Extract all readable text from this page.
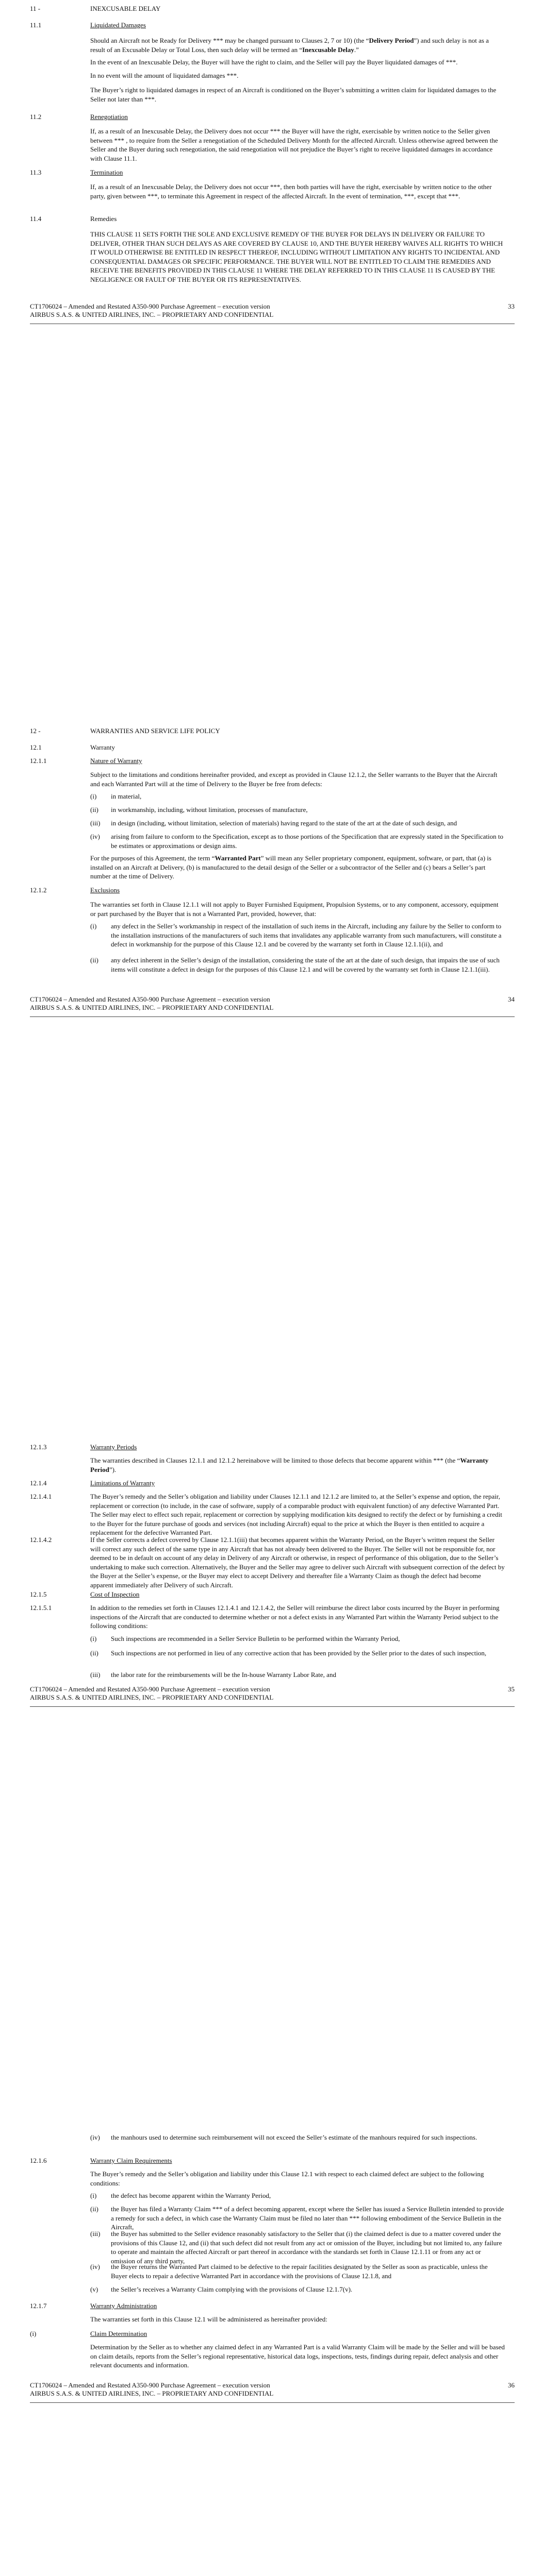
11 -	INEXCUSABLE DELAY
11.1	Liquidated Damages
Should an Aircraft not be Ready for Delivery *** may be changed pursuant to Clauses 2, 7 or 10) (the “Delivery Period”) and such delay is not as a result of an Excusable Delay or Total Loss, then such delay will be termed an “Inexcusable Delay.”

In the event of an Inexcusable Delay, the Buyer will have the right to claim, and the Seller will pay the Buyer liquidated damages of ***.

In no event will the amount of liquidated damages ***.

The Buyer’s right to liquidated damages in respect of an Aircraft is conditioned on the Buyer’s submitting a written claim for liquidated damages to the Seller not later than ***.

11.2	Renegotiation

If, as a result of an Inexcusable Delay, the Delivery does not occur *** the Buyer will have the right, exercisable by written notice to the Seller given between *** , to require from the Seller a renegotiation of the Scheduled Delivery Month for the affected Aircraft. Unless otherwise agreed between the Seller and the Buyer during such renegotiation, the said renegotiation will not prejudice the Buyer’s right to receive liquidated damages in accordance with Clause 11.1.

11.3	Termination

If, as a result of an Inexcusable Delay, the Delivery does not occur ***, then both parties will have the right, exercisable by written notice to the other party, given between ***, to terminate this Agreement in respect of the affected Aircraft. In the event of termination, ***, except that ***.

11.4	Remedies

THIS CLAUSE 11 SETS FORTH THE SOLE AND EXCLUSIVE REMEDY OF THE BUYER FOR DELAYS IN DELIVERY OR FAILURE TO DELIVER, OTHER THAN SUCH DELAYS AS ARE COVERED BY CLAUSE 10, AND THE BUYER HEREBY WAIVES ALL RIGHTS TO WHICH IT WOULD OTHERWISE BE ENTITLED IN RESPECT THEREOF, INCLUDING WITHOUT LIMITATION ANY RIGHTS TO INCIDENTAL AND CONSEQUENTIAL DAMAGES OR SPECIFIC PERFORMANCE. THE BUYER WILL NOT BE ENTITLED TO CLAIM THE REMEDIES AND RECEIVE THE BENEFITS PROVIDED IN THIS CLAUSE 11 WHERE THE DELAY REFERRED TO IN THIS CLAUSE 11 IS CAUSED BY THE NEGLIGENCE OR FAULT OF THE BUYER OR ITS REPRESENTATIVES.

CT1706024 – Amended and Restated A350-900 Purchase Agreement – execution version
AIRBUS S.A.S. & UNITED AIRLINES, INC. – PROPRIETARY AND CONFIDENTIAL
33
12 -	WARRANTIES AND SERVICE LIFE POLICY
12.1	Warranty
12.1.1	Nature of Warranty

Subject to the limitations and conditions hereinafter provided, and except as provided in Clause 12.1.2, the Seller warrants to the Buyer that the Aircraft and each Warranted Part will at the time of Delivery to the Buyer be free from defects:

(i) in material,
(ii) in workmanship, including, without limitation, processes of manufacture,
(iii) in design (including, without limitation, selection of materials) having regard to the state of the art at the date of such design, and
(iv) arising from failure to conform to the Specification, except as to those portions of the Specification that are expressly stated in the Specification to be estimates or approximations or design aims.
For the purposes of this Agreement, the term “Warranted Part” will mean any Seller proprietary component, equipment, software, or part, that (a) is installed on an Aircraft at Delivery, (b) is manufactured to the detail design of the Seller or a subcontractor of the Seller and (c) bears a Seller’s part number at the time of Delivery.
12.1.2	Exclusions

The warranties set forth in Clause 12.1.1 will not apply to Buyer Furnished Equipment, Propulsion Systems, or to any component, accessory, equipment or part purchased by the Buyer that is not a Warranted Part, provided, however, that:

(i) any defect in the Seller’s workmanship in respect of the installation of such items in the Aircraft, including any failure by the Seller to conform to the installation instructions of the manufacturers of such items that invalidates any applicable warranty from such manufacturers, will constitute a defect in workmanship for the purpose of this Clause 12.1 and be covered by the warranty set forth in Clause 12.1.1(ii), and
(ii) any defect inherent in the Seller’s design of the installation, considering the state of the art at the date of such design, that impairs the use of such items will constitute a defect in design for the purposes of this Clause 12.1 and will be covered by the warranty set forth in Clause 12.1.1(iii).
CT1706024 – Amended and Restated A350-900 Purchase Agreement – execution version
AIRBUS S.A.S. & UNITED AIRLINES, INC. – PROPRIETARY AND CONFIDENTIAL
34
12.1.3	Warranty Periods
The warranties described in Clauses 12.1.1 and 12.1.2 hereinabove will be limited to those defects that become apparent within *** (the “Warranty Period”).
12.1.4	Limitations of Warranty
12.1.4.1	The Buyer’s remedy and the Seller’s obligation and liability under Clauses 12.1.1 and 12.1.2 are limited to, at the Seller’s expense and option, the repair, replacement or correction (to include, in the case of software, supply of a comparable product with equivalent function) of any defective Warranted Part. The Seller may elect to effect such repair, replacement or correction by supplying modification kits designed to rectify the defect or by furnishing a credit to the Buyer for the future purchase of goods and services (not including Aircraft) equal to the price at which the Buyer is then entitled to acquire a replacement for the defective Warranted Part.

12.1.4.2	If the Seller corrects a defect covered by Clause 12.1.1(iii) that becomes apparent within the Warranty Period, on the Buyer’s written request the Seller will correct any such defect of the same type in any Aircraft that has not already been delivered to the Buyer. The Seller will not be responsible for, nor deemed to be in default on account of any delay in Delivery of any Aircraft or otherwise, in respect of performance of this obligation, due to the Seller’s undertaking to make such correction. Alternatively, the Buyer and the Seller may agree to deliver such Aircraft with subsequent correction of the defect by the Buyer at the Seller’s expense, or the Buyer may elect to accept Delivery and thereafter file a Warranty Claim as though the defect had become apparent immediately after Delivery of such Aircraft.

12.1.5	Cost of Inspection
12.1.5.1	In addition to the remedies set forth in Clauses 12.1.4.1 and 12.1.4.2, the Seller will reimburse the direct labor costs incurred by the Buyer in performing inspections of the Aircraft that are conducted to determine whether or not a defect exists in any Warranted Part within the Warranty Period subject to the following conditions:

(i) Such inspections are recommended in a Seller Service Bulletin to be performed within the Warranty Period,
(ii) Such inspections are not performed in lieu of any corrective action that has been provided by the Seller prior to the dates of such inspection,
(iii) the labor rate for the reimbursements will be the In-house Warranty Labor Rate, and
CT1706024 – Amended and Restated A350-900 Purchase Agreement – execution version
AIRBUS S.A.S. & UNITED AIRLINES, INC. – PROPRIETARY AND CONFIDENTIAL
35
(iv) the manhours used to determine such reimbursement will not exceed the Seller’s estimate of the manhours required for such inspections.
12.1.6	Warranty Claim Requirements

The Buyer’s remedy and the Seller’s obligation and liability under this Clause 12.1 with respect to each claimed defect are subject to the following conditions:

(i) the defect has become apparent within the Warranty Period,
(ii) the Buyer has filed a Warranty Claim *** of a defect becoming apparent, except where the Seller has issued a Service Bulletin intended to provide a remedy for such a defect, in which case the Warranty Claim must be filed no later than *** following embodiment of the Service Bulletin in the Aircraft,
(iii) the Buyer has submitted to the Seller evidence reasonably satisfactory to the Seller that (i) the claimed defect is due to a matter covered under the provisions of this Clause 12, and (ii) that such defect did not result from any act or omission of the Buyer, including but not limited to, any failure to operate and maintain the affected Aircraft or part thereof in accordance with the standards set forth in Clause 12.1.11 or from any act or omission of any third party,
(iv) the Buyer returns the Warranted Part claimed to be defective to the repair facilities designated by the Seller as soon as practicable, unless the Buyer elects to repair a defective Warranted Part in accordance with the provisions of Clause 12.1.8, and
(v) the Seller’s receives a Warranty Claim complying with the provisions of Clause 12.1.7(v).
12.1.7	Warranty Administration

The warranties set forth in this Clause 12.1 will be administered as hereinafter provided:

(i)	Claim Determination

Determination by the Seller as to whether any claimed defect in any Warranted Part is a valid Warranty Claim will be made by the Seller and will be based on claim details, reports from the Seller’s regional representative, historical data logs, inspections, tests, findings during repair, defect analysis and other relevant documents and information.

CT1706024 – Amended and Restated A350-900 Purchase Agreement – execution version
AIRBUS S.A.S. & UNITED AIRLINES, INC. – PROPRIETARY AND CONFIDENTIAL
36
